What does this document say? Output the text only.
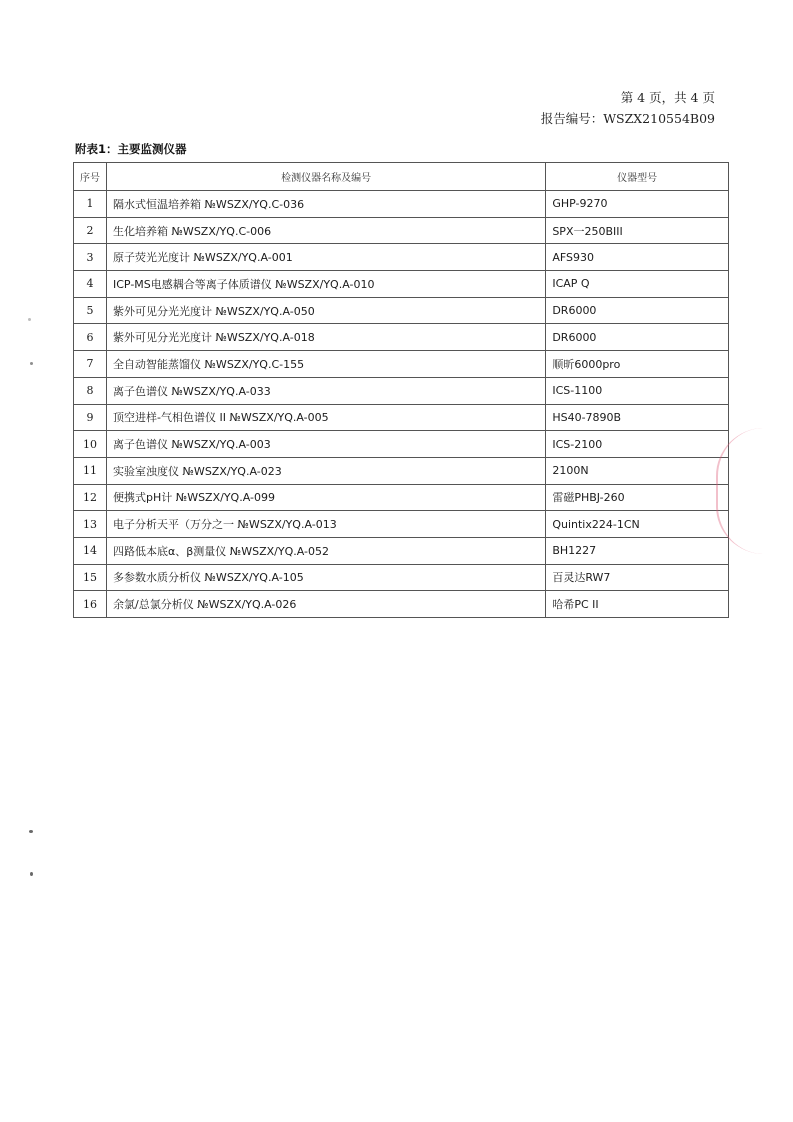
第 4 页，共 4 页
报告编号：WSZX210554B09
附表1：主要监测仪器
序号	检测仪器名称及编号	仪器型号
1	隔水式恒温培养箱 №WSZX/YQ.C-036	GHP-9270
2	生化培养箱 №WSZX/YQ.C-006	SPX一250BIII
3	原子荧光光度计 №WSZX/YQ.A-001	AFS930
4	ICP-MS电感耦合等离子体质谱仪 №WSZX/YQ.A-010	ICAP Q
5	紫外可见分光光度计 №WSZX/YQ.A-050	DR6000
6	紫外可见分光光度计 №WSZX/YQ.A-018	DR6000
7	全自动智能蒸馏仪 №WSZX/YQ.C-155	顺昕6000pro
8	离子色谱仪 №WSZX/YQ.A-033	ICS-1100
9	顶空进样-气相色谱仪 II №WSZX/YQ.A-005	HS40-7890B
10	离子色谱仪 №WSZX/YQ.A-003	ICS-2100
11	实验室浊度仪 №WSZX/YQ.A-023	2100N
12	便携式pH计 №WSZX/YQ.A-099	雷磁PHBJ-260
13	电子分析天平（万分之一 №WSZX/YQ.A-013	Quintix224-1CN
14	四路低本底α、β测量仪 №WSZX/YQ.A-052	BH1227
15	多参数水质分析仪 №WSZX/YQ.A-105	百灵达RW7
16	余氯/总氯分析仪 №WSZX/YQ.A-026	哈希PC II
